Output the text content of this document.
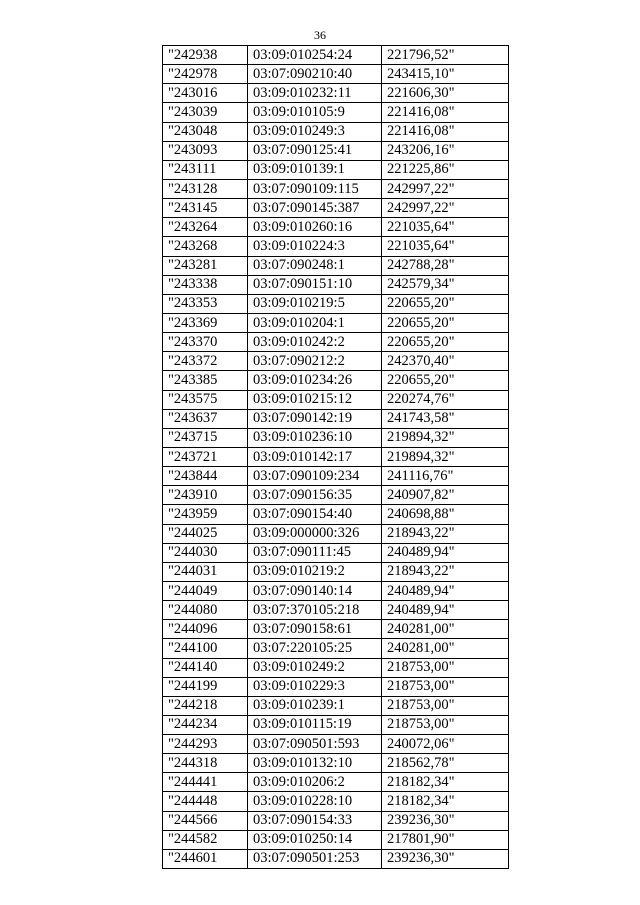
36
"242938	03:09:010254:24	221796,52"
"242978	03:07:090210:40	243415,10"
"243016	03:09:010232:11	221606,30"
"243039	03:09:010105:9	221416,08"
"243048	03:09:010249:3	221416,08"
"243093	03:07:090125:41	243206,16"
"243111	03:09:010139:1	221225,86"
"243128	03:07:090109:115	242997,22"
"243145	03:07:090145:387	242997,22"
"243264	03:09:010260:16	221035,64"
"243268	03:09:010224:3	221035,64"
"243281	03:07:090248:1	242788,28"
"243338	03:07:090151:10	242579,34"
"243353	03:09:010219:5	220655,20"
"243369	03:09:010204:1	220655,20"
"243370	03:09:010242:2	220655,20"
"243372	03:07:090212:2	242370,40"
"243385	03:09:010234:26	220655,20"
"243575	03:09:010215:12	220274,76"
"243637	03:07:090142:19	241743,58"
"243715	03:09:010236:10	219894,32"
"243721	03:09:010142:17	219894,32"
"243844	03:07:090109:234	241116,76"
"243910	03:07:090156:35	240907,82"
"243959	03:07:090154:40	240698,88"
"244025	03:09:000000:326	218943,22"
"244030	03:07:090111:45	240489,94"
"244031	03:09:010219:2	218943,22"
"244049	03:07:090140:14	240489,94"
"244080	03:07:370105:218	240489,94"
"244096	03:07:090158:61	240281,00"
"244100	03:07:220105:25	240281,00"
"244140	03:09:010249:2	218753,00"
"244199	03:09:010229:3	218753,00"
"244218	03:09:010239:1	218753,00"
"244234	03:09:010115:19	218753,00"
"244293	03:07:090501:593	240072,06"
"244318	03:09:010132:10	218562,78"
"244441	03:09:010206:2	218182,34"
"244448	03:09:010228:10	218182,34"
"244566	03:07:090154:33	239236,30"
"244582	03:09:010250:14	217801,90"
"244601	03:07:090501:253	239236,30"
